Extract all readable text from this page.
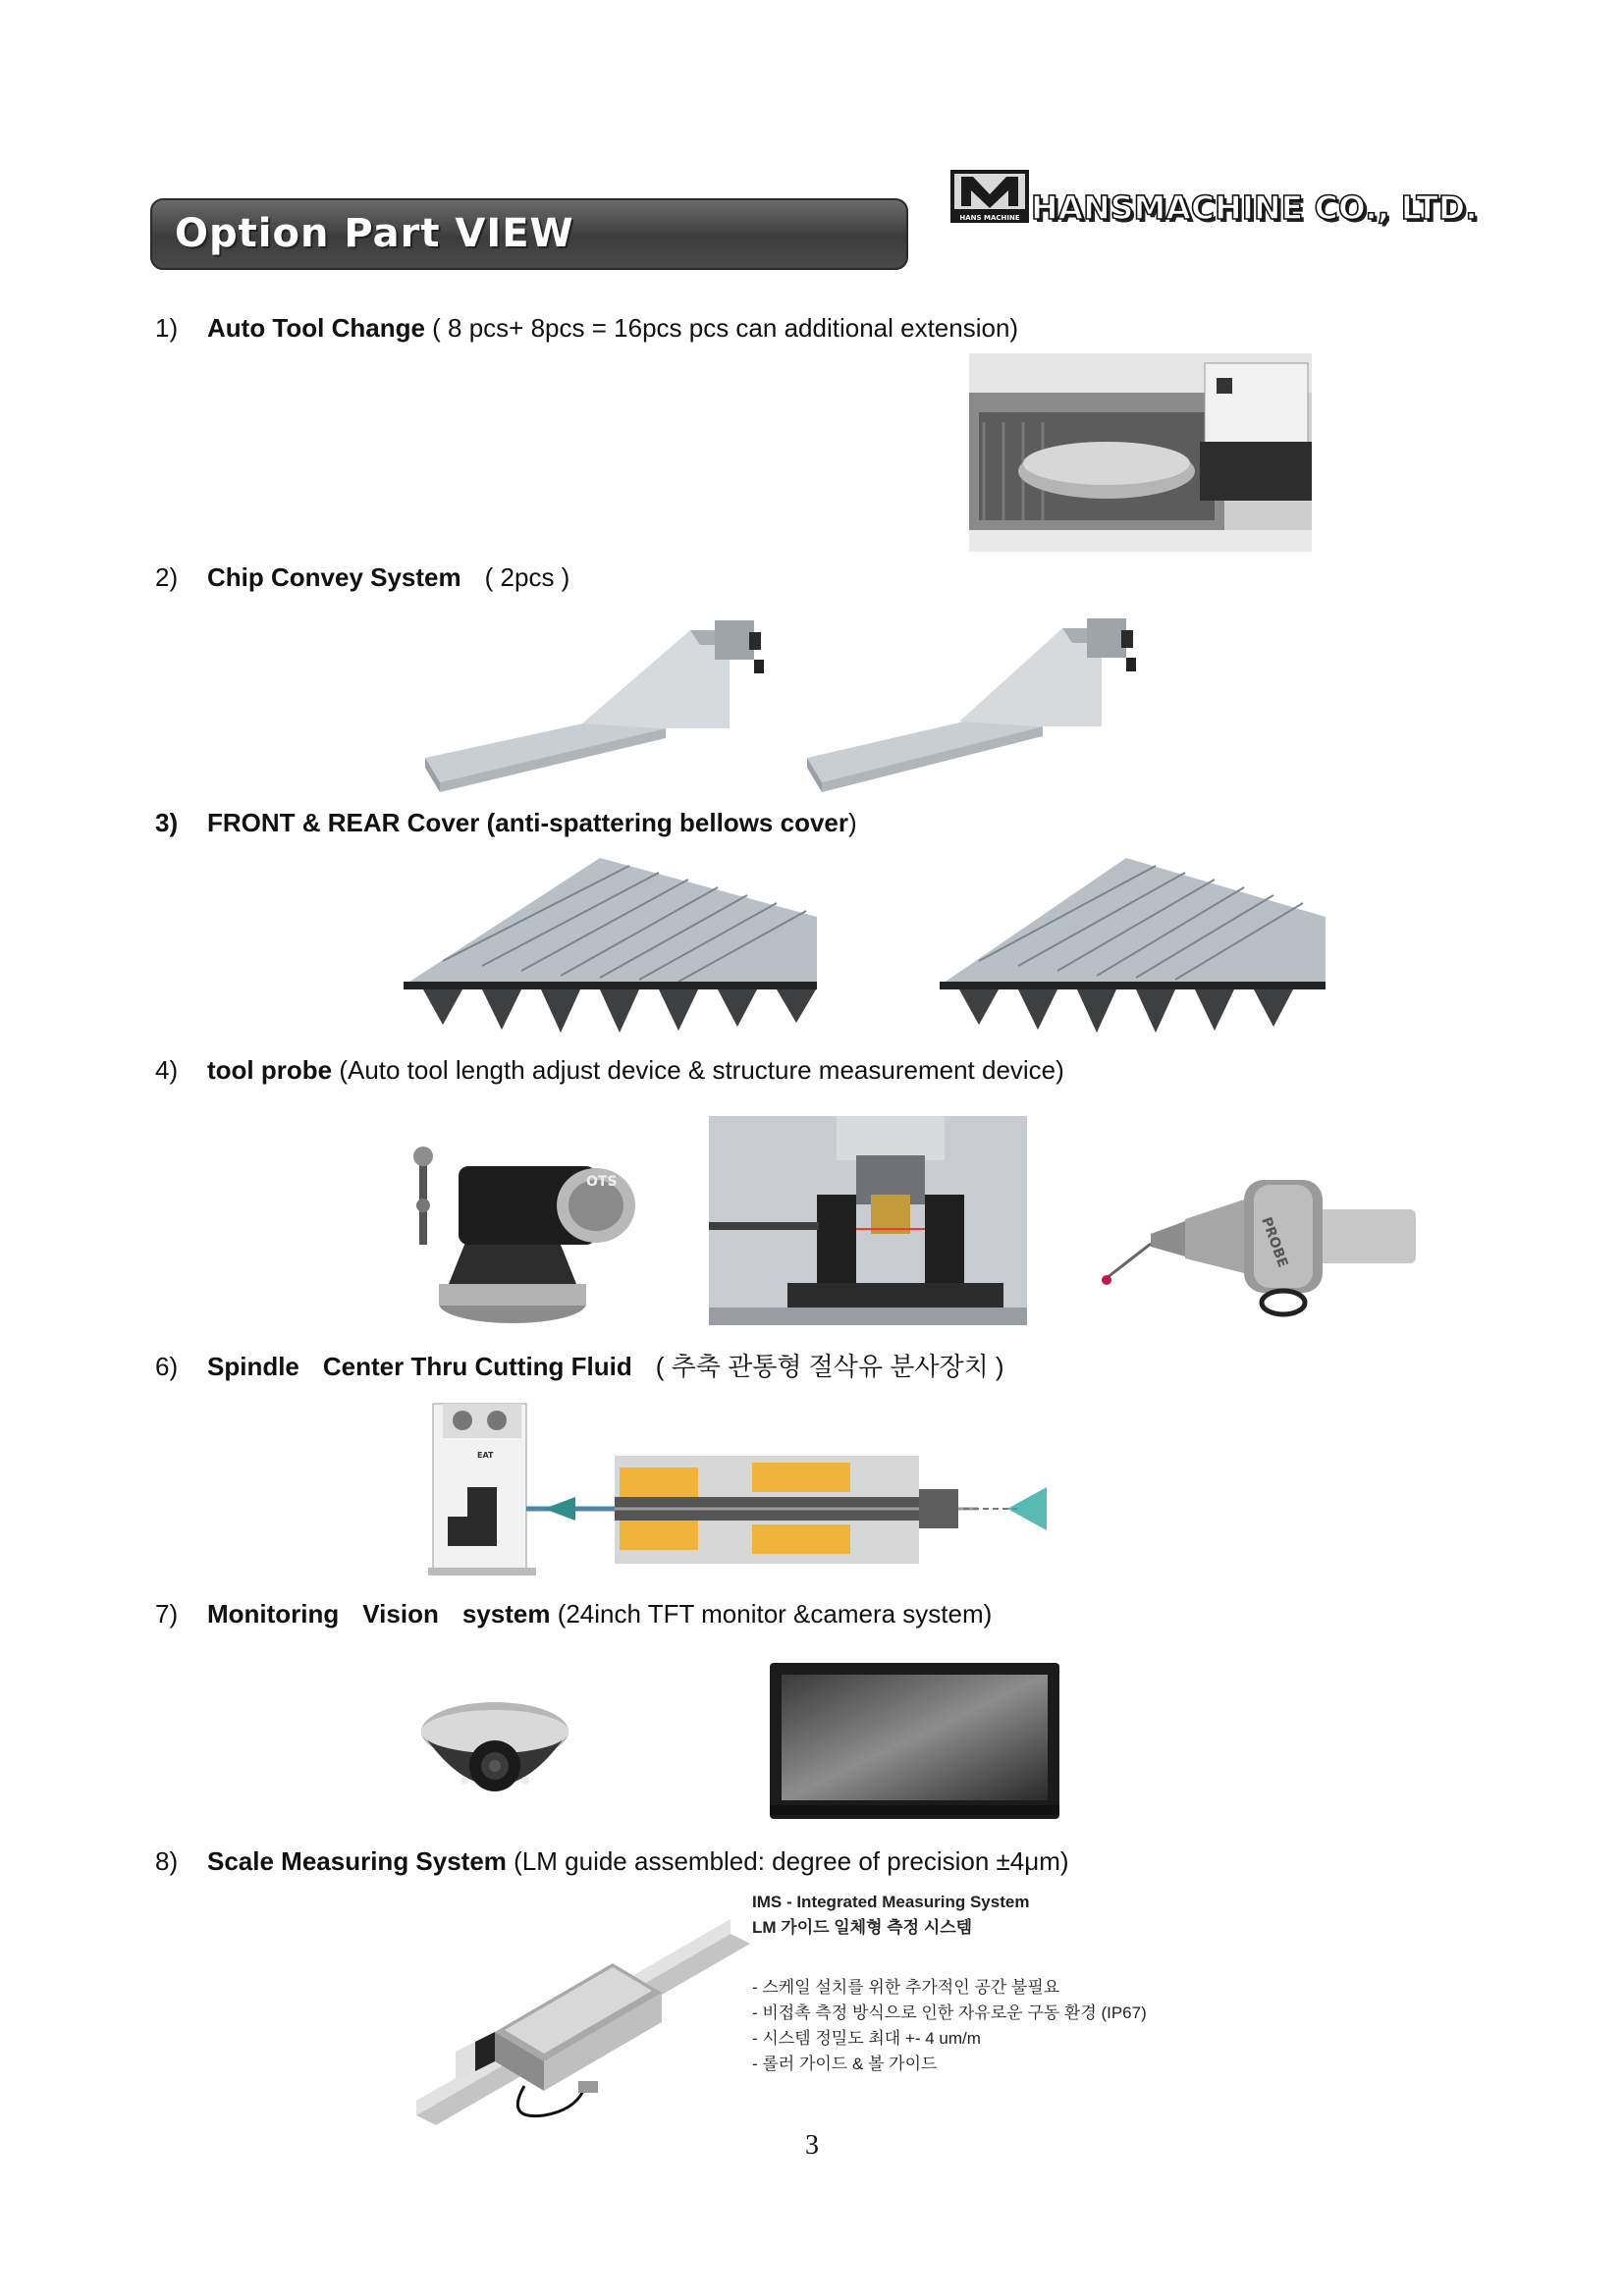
Option Part VIEW	HANS MACHINE HANSMACHINE CO., LTD.
1) Auto Tool Change ( 8 pcs+ 8pcs = 16pcs pcs can additional extension)
2) Chip Convey System ( 2pcs )
3) FRONT & REAR Cover (anti-spattering bellows cover)
4) tool probe (Auto tool length adjust device & structure measurement device)
OTS
PROBE
6) Spindle Center Thru Cutting Fluid ( 추축 관통형 절삭유 분사장치 )
EAT
7) Monitoring Vision system (24inch TFT monitor &camera system)
8) Scale Measuring System (LM guide assembled: degree of precision ±4μm)
IMS - Integrated Measuring System
LM 가이드 일체형 측정 시스템
- 스케일 설치를 위한 추가적인 공간 불필요
- 비접촉 측정 방식으로 인한 자유로운 구동 환경 (IP67)
- 시스템 정밀도 최대 +- 4 um/m
- 롤러 가이드 & 볼 가이드
3
